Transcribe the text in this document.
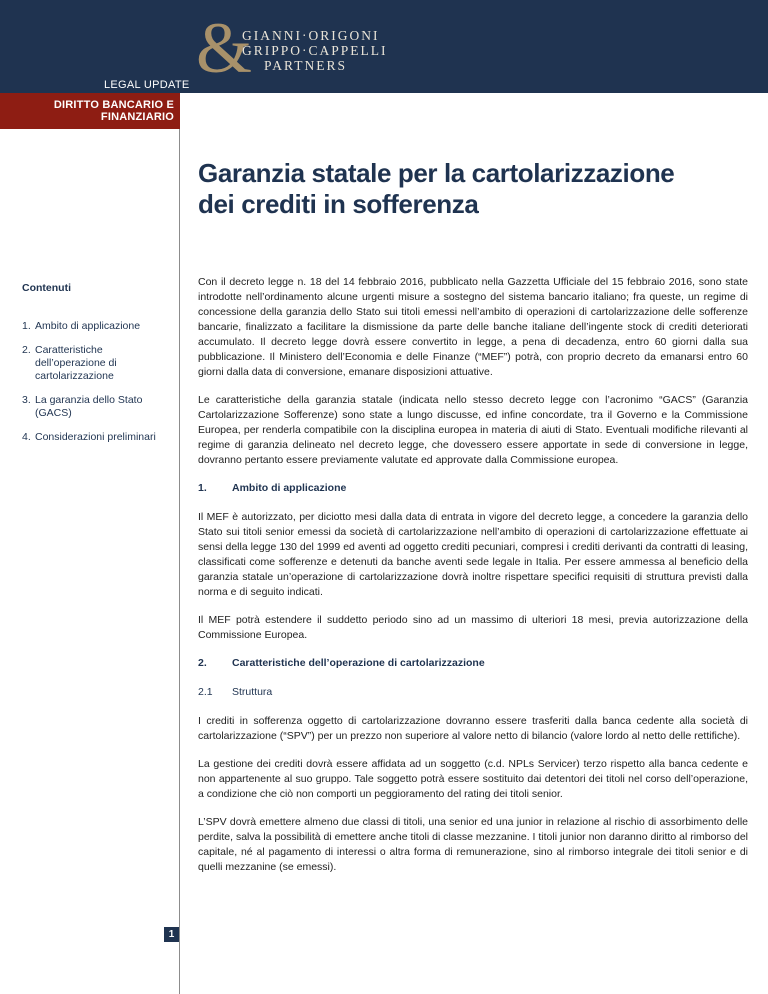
&
GIANNI·ORIGONI
GRIPPO·CAPPELLI
PARTNERS
LEGAL UPDATE
DIRITTO BANCARIO E
FINANZIARIO
Garanzia statale per la cartolarizzazione
dei crediti in sofferenza
Contenuti
1. Ambito di applicazione
2. Caratteristiche dell’operazione di cartolarizzazione
3. La garanzia dello Stato (GACS)
4. Considerazioni preliminari

Con il decreto legge n. 18 del 14 febbraio 2016, pubblicato nella Gazzetta Ufficiale del 15 febbraio 2016, sono state introdotte nell’ordinamento alcune urgenti misure a sostegno del sistema bancario italiano; fra queste, un regime di concessione della garanzia dello Stato sui titoli emessi nell’ambito di operazioni di cartolarizzazione delle sofferenze bancarie, finalizzato a facilitare la dismissione da parte delle banche italiane dell’ingente stock di crediti deteriorati accumulato. Il decreto legge dovrà essere convertito in legge, a pena di decadenza, entro 60 giorni dalla sua pubblicazione. Il Ministero dell’Economia e delle Finanze (“MEF”) potrà, con proprio decreto da emanarsi entro 60 giorni dalla data di conversione, emanare disposizioni attuative.

Le caratteristiche della garanzia statale (indicata nello stesso decreto legge con l’acronimo “GACS” (Garanzia Cartolarizzazione Sofferenze) sono state a lungo discusse, ed infine concordate, tra il Governo e la Commissione Europea, per renderla compatibile con la disciplina europea in materia di aiuti di Stato. Eventuali modifiche rilevanti al regime di garanzia delineato nel decreto legge, che dovessero essere apportate in sede di conversione in legge, dovranno pertanto essere previamente valutate ed approvate dalla Commissione europea.

1.	Ambito di applicazione

Il MEF è autorizzato, per diciotto mesi dalla data di entrata in vigore del decreto legge, a concedere la garanzia dello Stato sui titoli senior emessi da società di cartolarizzazione nell’ambito di operazioni di cartolarizzazione effettuate ai sensi della legge 130 del 1999 ed aventi ad oggetto crediti pecuniari, compresi i crediti derivanti da contratti di leasing, classificati come sofferenze e detenuti da banche aventi sede legale in Italia. Per essere ammessa al beneficio della garanzia statale un’operazione di cartolarizzazione dovrà inoltre rispettare specifici requisiti di struttura previsti dalla norma e di seguito indicati.

Il MEF potrà estendere il suddetto periodo sino ad un massimo di ulteriori 18 mesi, previa autorizzazione della Commissione Europea.

2.	Caratteristiche dell’operazione di cartolarizzazione
2.1	Struttura

I crediti in sofferenza oggetto di cartolarizzazione dovranno essere trasferiti dalla banca cedente alla società di cartolarizzazione (“SPV”) per un prezzo non superiore al valore netto di bilancio (valore lordo al netto delle rettifiche).

La gestione dei crediti dovrà essere affidata ad un soggetto (c.d. NPLs Servicer) terzo rispetto alla banca cedente e non appartenente al suo gruppo. Tale soggetto potrà essere sostituito dai detentori dei titoli nel corso dell’operazione, a condizione che ciò non comporti un peggioramento del rating dei titoli senior.

L’SPV dovrà emettere almeno due classi di titoli, una senior ed una junior in relazione al rischio di assorbimento delle perdite, salva la possibilità di emettere anche titoli di classe mezzanine. I titoli junior non daranno diritto al rimborso del capitale, né al pagamento di interessi o altra forma di remunerazione, sino al rimborso integrale dei titoli senior e di quelli mezzanine (se emessi).

1
